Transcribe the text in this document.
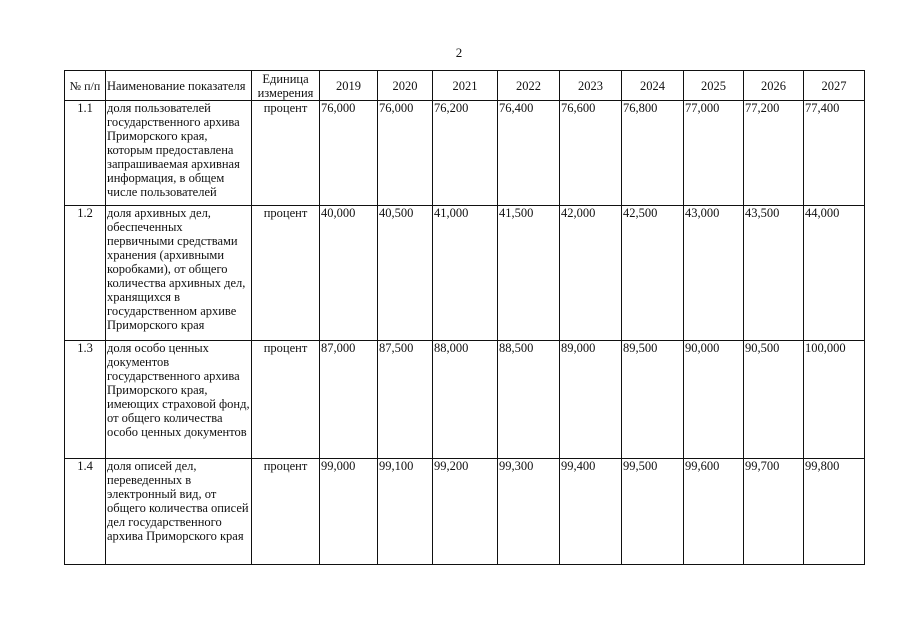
2
№ п/п	Наименование показателя	Единица измерения	2019	2020	2021	2022	2023	2024	2025	2026	2027
1.1	доля пользователей государственного архива Приморского края, которым предоставлена запрашиваемая архивная информация, в общем числе пользователей	процент	76,000	76,000	76,200	76,400	76,600	76,800	77,000	77,200	77,400
1.2	доля архивных дел, обеспеченных первичными средствами хранения (архивными коробками), от общего количества архивных дел, хранящихся в государственном архиве Приморского края	процент	40,000	40,500	41,000	41,500	42,000	42,500	43,000	43,500	44,000
1.3	доля особо ценных документов государственного архива Приморского края, имеющих страховой фонд, от общего количества особо ценных документов	процент	87,000	87,500	88,000	88,500	89,000	89,500	90,000	90,500	100,000
1.4	доля описей дел, переведенных в электронный вид, от общего количества описей дел государственного архива Приморского края	процент	99,000	99,100	99,200	99,300	99,400	99,500	99,600	99,700	99,800
